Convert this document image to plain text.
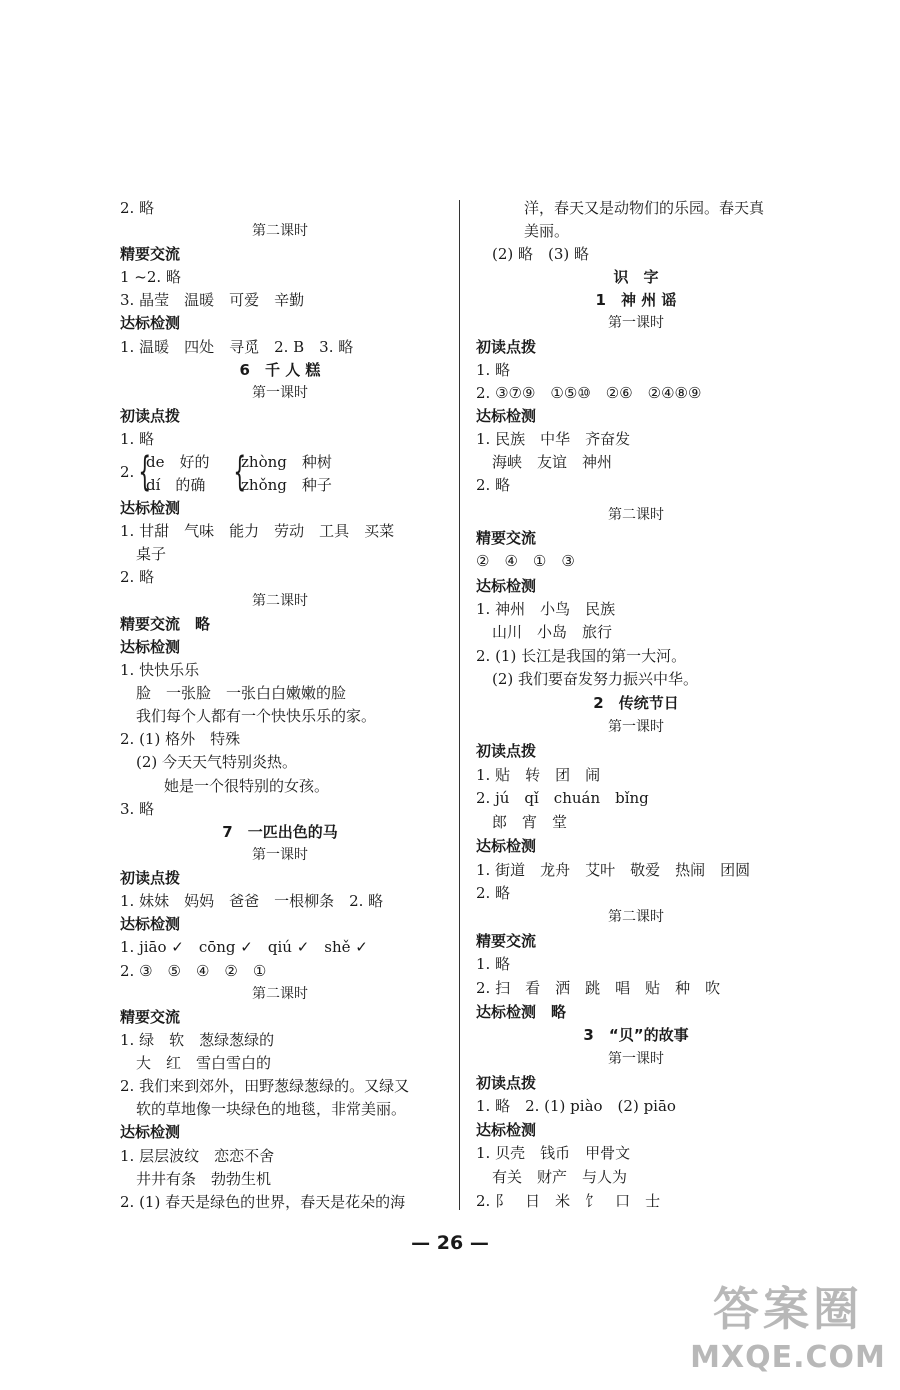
2. 略
第二课时
精要交流
1 ~2. 略
3. 晶莹　温暖　可爱　辛勤
达标检测
1. 温暖　四处　寻觅　2. B　3. 略
6　千 人 糕
第一课时
初读点拨
1. 略
2. {
de　好的
dí　的确 {
zhòng　种树
zhǒng　种子
达标检测
1. 甘甜　气味　能力　劳动　工具　买菜
桌子
2. 略
第二课时
精要交流　略
达标检测
1. 快快乐乐
脸　一张脸　一张白白嫩嫩的脸
我们每个人都有一个快快乐乐的家。
2. (1) 格外　特殊
(2) 今天天气特别炎热。
她是一个很特别的女孩。
3. 略
7　一匹出色的马
第一课时
初读点拨
1. 妹妹　妈妈　爸爸　一根柳条　2. 略
达标检测
1. jiāo ✓　cōng ✓　qiú ✓　shě ✓
2. ③　⑤　④　②　①
第二课时
精要交流
1. 绿　软　葱绿葱绿的
大　红　雪白雪白的
2. 我们来到郊外，田野葱绿葱绿的。又绿又
软的草地像一块绿色的地毯，非常美丽。
达标检测
1. 层层波纹　恋恋不舍
井井有条　勃勃生机
2. (1) 春天是绿色的世界，春天是花朵的海
洋，春天又是动物们的乐园。春天真
美丽。
(2) 略　(3) 略
识　字
1　神 州 谣
第一课时
初读点拨
1. 略
2. ③⑦⑨　①⑤⑩　②⑥　②④⑧⑨
达标检测
1. 民族　中华　齐奋发
海峡　友谊　神州
2. 略
第二课时
精要交流
②　④　①　③
达标检测
1. 神州　小鸟　民族
山川　小岛　旅行
2. (1) 长江是我国的第一大河。
(2) 我们要奋发努力振兴中华。
2　传统节日
第一课时
初读点拨
1. 贴　转　团　闹
2. jú　qǐ　chuán　bǐng
郎　宵　堂
达标检测
1. 街道　龙舟　艾叶　敬爱　热闹　团圆
2. 略
第二课时
精要交流
1. 略
2. 扫　看　洒　跳　唱　贴　种　吹
达标检测　略
3　“贝”的故事
第一课时
初读点拨
1. 略　2. (1) piào　(2) piāo
达标检测
1. 贝壳　钱币　甲骨文
有关　财产　与人为
2. 阝　日　米　饣　口　士
— 26 —
答案圈
MXQE.COM
